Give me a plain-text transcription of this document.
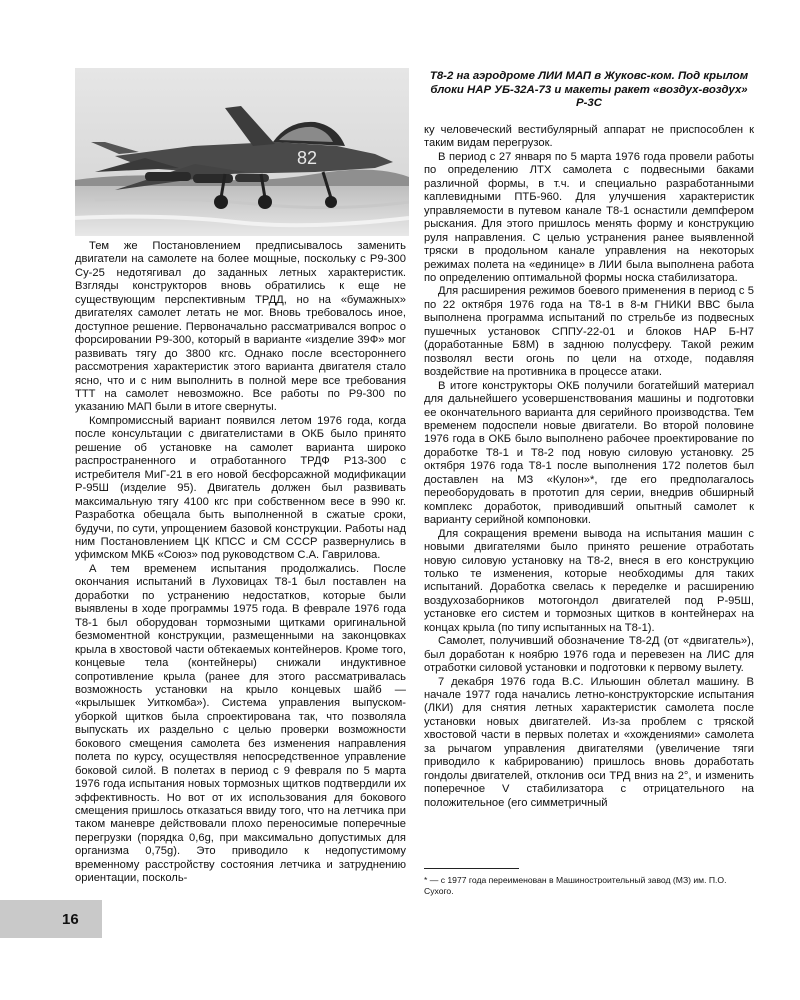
82
Т8-2 на аэродроме ЛИИ МАП в Жуковс-ком. Под крылом блоки НАР УБ-32А-73 и макеты ракет «воздух-воздух» Р-3С

Тем же Постановлением предписывалось заменить двигатели на самолете на более мощные, поскольку с Р9-300 Су-25 недотягивал до заданных летных характеристик. Взгляды конструкторов вновь обратились к еще не существующим перспективным ТРДД, но на «бумажных» двигателях самолет летать не мог. Вновь требовалось иное, доступное решение. Первоначально рассматривался вопрос о форсировании Р9-300, который в варианте «изделие 39Ф» мог развивать тягу до 3800 кгс. Однако после всестороннего рассмотрения характеристик этого варианта двигателя стало ясно, что и с ним выполнить в полной мере все требования ТТТ на самолет невозможно. Все работы по Р9-300 по указанию МАП были в итоге свернуты.

Компромиссный вариант появился летом 1976 года, когда после консультации с двигателистами в ОКБ было принято решение об установке на самолет варианта широко распространенного и отработанного ТРДФ Р13-300 с истребителя МиГ-21 в его новой бесфорсажной модификации Р-95Ш (изделие 95). Двигатель должен был развивать максимальную тягу 4100 кгс при собственном весе в 990 кг. Разработка обещала быть выполненной в сжатые сроки, будучи, по сути, упрощением базовой конструкции. Работы над ним Постановлением ЦК КПСС и СМ СССР развернулись в уфимском МКБ «Союз» под руководством С.А. Гаврилова.

А тем временем испытания продолжались. После окончания испытаний в Луховицах Т8-1 был поставлен на доработки по устранению недостатков, которые были выявлены в ходе программы 1975 года. В феврале 1976 года Т8-1 был оборудован тормозными щитками оригинальной безмоментной конструкции, размещенными на законцовках крыла в хвостовой части обтекаемых контейнеров. Кроме того, концевые тела (контейнеры) снижали индуктивное сопротивление крыла (ранее для этого рассматривалась возможность установки на крыло концевых шайб — «крылышек Уиткомба»). Система управления выпуском-уборкой щитков была спроектирована так, что позволяла выпускать их раздельно с целью проверки возможности бокового смещения самолета без изменения направления полета по курсу, осуществляя непосредственное управление боковой силой. В полетах в период с 9 февраля по 5 марта 1976 года испытания новых тормозных щитков подтвердили их эффективность. Но вот от их использования для бокового смещения пришлось отказаться ввиду того, что на летчика при таком маневре действовали плохо переносимые поперечные перегрузки (порядка 0,6g, при максимально допустимых для организма 0,75g). Это приводило к недопустимому временному расстройству состояния летчика и затруднению ориентации, посколь-

ку человеческий вестибулярный аппарат не приспособлен к таким видам перегрузок.

В период с 27 января по 5 марта 1976 года провели работы по определению ЛТХ самолета с подвесными баками различной формы, в т.ч. и специально разработанными каплевидными ПТБ-960. Для улучшения характеристик управляемости в путевом канале Т8-1 оснастили демпфером рыскания. Для этого пришлось менять форму и конструкцию руля направления. С целью устранения ранее выявленной тряски в продольном канале управления на некоторых режимах полета на «единице» в ЛИИ была выполнена работа по определению оптимальной формы носка стабилизатора.

Для расширения режимов боевого применения в период с 5 по 22 октября 1976 года на Т8-1 в 8-м ГНИКИ ВВС была выполнена программа испытаний по стрельбе из подвесных пушечных установок СППУ-22-01 и блоков НАР Б-Н7 (доработанные Б8М) в заднюю полусферу. Такой режим позволял вести огонь по цели на отходе, подавляя воздействие на противника в процессе атаки.

В итоге конструкторы ОКБ получили богатейший материал для дальнейшего усовершенствования машины и подготовки ее окончательного варианта для серийного производства. Тем временем подоспели новые двигатели. Во второй половине 1976 года в ОКБ было выполнено рабочее проектирование по доработке Т8-1 и Т8-2 под новую силовую установку. 25 октября 1976 года Т8-1 после выполнения 172 полетов был доставлен на МЗ «Кулон»*, где его предполагалось переоборудовать в прототип для серии, внедрив обширный комплекс доработок, приводивший опытный самолет к варианту серийной компоновки.

Для сокращения времени вывода на испытания машин с новыми двигателями было принято решение отработать новую силовую установку на Т8-2, внеся в его конструкцию только те изменения, которые необходимы для таких испытаний. Доработка свелась к переделке и расширению воздухозаборников мотогондол двигателей под Р-95Ш, установке его систем и тормозных щитков в контейнерах на концах крыла (по типу испытанных на Т8-1).

Самолет, получивший обозначение Т8-2Д (от «двигатель»), был доработан к ноябрю 1976 года и перевезен на ЛИС для отработки силовой установки и подготовки к первому вылету.

7 декабря 1976 года В.С. Ильюшин облетал машину. В начале 1977 года начались летно-конструкторские испытания (ЛКИ) для снятия летных характеристик самолета после установки новых двигателей. Из-за проблем с тряской хвостовой части в первых полетах и «хождениями» самолета за рычагом управления двигателями (увеличение тяги приводило к кабрированию) пришлось вновь доработать гондолы двигателей, отклонив оси ТРД вниз на 2°, и изменить поперечное V стабилизатора с отрицательного на положительное (его симметричный

* — с 1977 года переименован в Машиностроительный завод (МЗ) им. П.О. Сухого.
16
